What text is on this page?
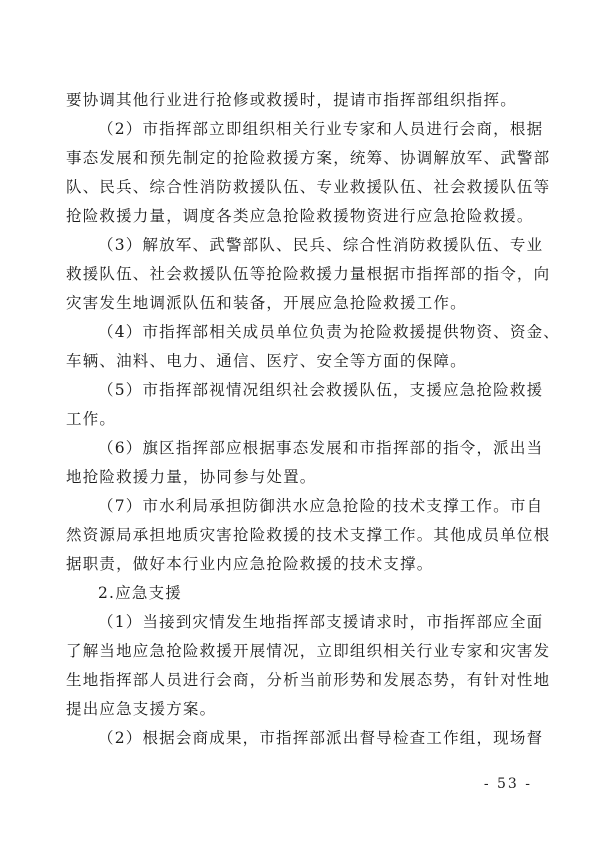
要协调其他行业进行抢修或救援时，提请市指挥部组织指挥。
（2）市指挥部立即组织相关行业专家和人员进行会商，根据
事态发展和预先制定的抢险救援方案，统筹、协调解放军、武警部
队、民兵、综合性消防救援队伍、专业救援队伍、社会救援队伍等
抢险救援力量，调度各类应急抢险救援物资进行应急抢险救援。
（3）解放军、武警部队、民兵、综合性消防救援队伍、专业
救援队伍、社会救援队伍等抢险救援力量根据市指挥部的指令，向
灾害发生地调派队伍和装备，开展应急抢险救援工作。
（4）市指挥部相关成员单位负责为抢险救援提供物资、资金、
车辆、油料、电力、通信、医疗、安全等方面的保障。
（5）市指挥部视情况组织社会救援队伍，支援应急抢险救援
工作。
（6）旗区指挥部应根据事态发展和市指挥部的指令，派出当
地抢险救援力量，协同参与处置。
（7）市水利局承担防御洪水应急抢险的技术支撑工作。市自
然资源局承担地质灾害抢险救援的技术支撑工作。其他成员单位根
据职责，做好本行业内应急抢险救援的技术支撑。
2.应急支援
（1）当接到灾情发生地指挥部支援请求时，市指挥部应全面
了解当地应急抢险救援开展情况，立即组织相关行业专家和灾害发
生地指挥部人员进行会商，分析当前形势和发展态势，有针对性地
提出应急支援方案。
（2）根据会商成果，市指挥部派出督导检查工作组，现场督

- 53 -
